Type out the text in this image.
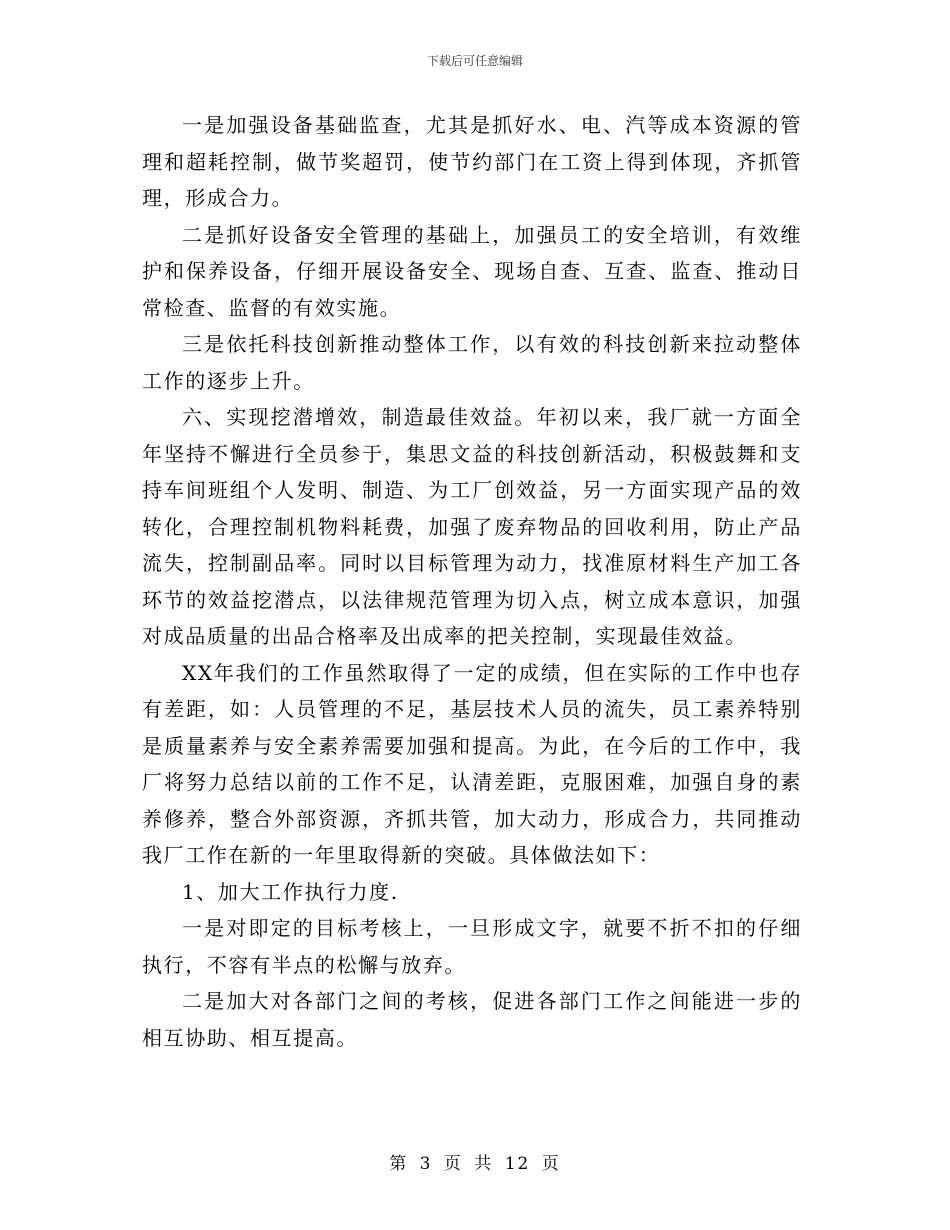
下载后可任意编辑

一是加强设备基础监查，尤其是抓好水、电、汽等成本资源的管理和超耗控制，做节奖超罚，使节约部门在工资上得到体现，齐抓管理，形成合力。

二是抓好设备安全管理的基础上，加强员工的安全培训，有效维护和保养设备，仔细开展设备安全、现场自查、互查、监查、推动日常检查、监督的有效实施。

三是依托科技创新推动整体工作，以有效的科技创新来拉动整体工作的逐步上升。

六、实现挖潜增效，制造最佳效益。年初以来，我厂就一方面全年坚持不懈进行全员参于，集思文益的科技创新活动，积极鼓舞和支持车间班组个人发明、制造、为工厂创效益，另一方面实现产品的效转化，合理控制机物料耗费，加强了废弃物品的回收利用，防止产品流失，控制副品率。同时以目标管理为动力，找准原材料生产加工各环节的效益挖潜点，以法律规范管理为切入点，树立成本意识，加强对成品质量的出品合格率及出成率的把关控制，实现最佳效益。

XX年我们的工作虽然取得了一定的成绩，但在实际的工作中也存有差距，如：人员管理的不足，基层技术人员的流失，员工素养特别是质量素养与安全素养需要加强和提高。为此，在今后的工作中，我厂将努力总结以前的工作不足，认清差距，克服困难，加强自身的素养修养，整合外部资源，齐抓共管，加大动力，形成合力，共同推动我厂工作在新的一年里取得新的突破。具体做法如下：

1、加大工作执行力度.

一是对即定的目标考核上，一旦形成文字，就要不折不扣的仔细执行，不容有半点的松懈与放弃。

二是加大对各部门之间的考核，促进各部门工作之间能进一步的相互协助、相互提高。

第 3 页 共 12 页
